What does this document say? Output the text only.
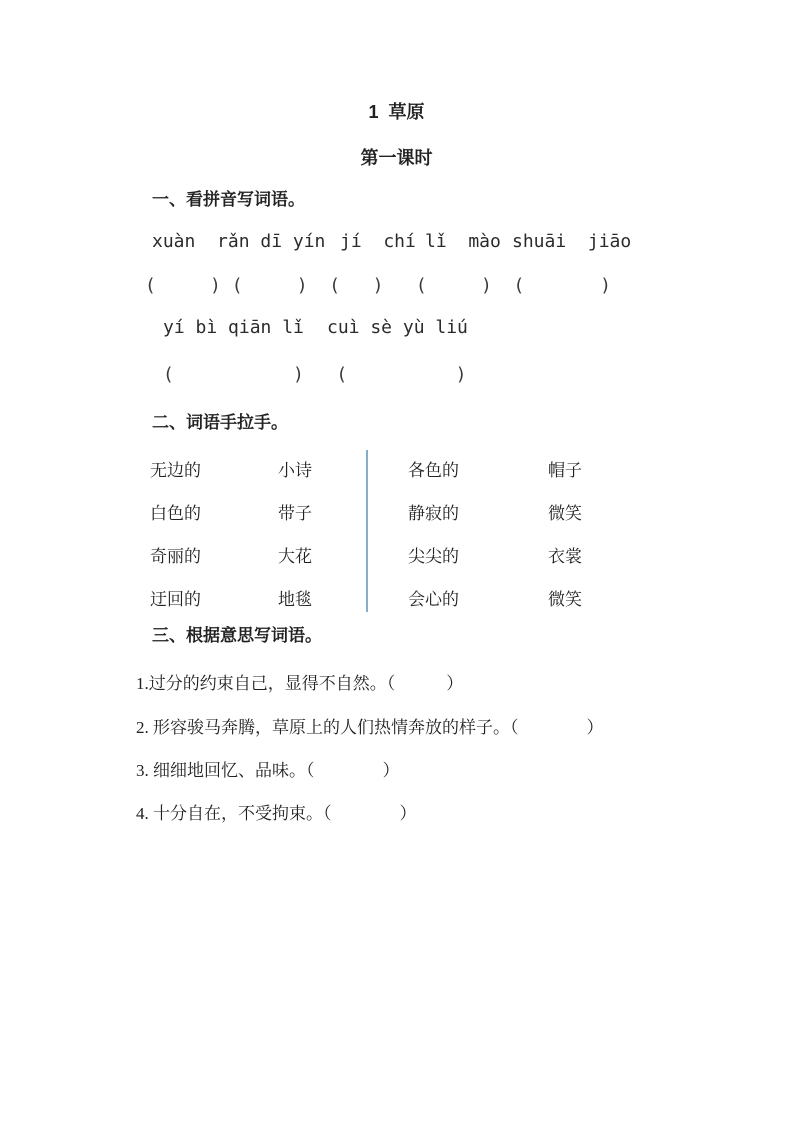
1  草原
第一课时
一、看拼音写词语。
xuàn  rǎn dī yín jí  chí lǐ  mào shuāi  jiāo
(     ) (     )  (   )   (     )  (       )
yí bì qiān lǐ cuì sè yù liú
(           )   (          )
二、词语手拉手。
无边的	小诗	各色的	帽子
白色的	带子	静寂的	微笑
奇丽的	大花	尖尖的	衣裳
迂回的	地毯	会心的	微笑
三、根据意思写词语。

1.过分的约束自己，显得不自然。（　　　）

2. 形容骏马奔腾，草原上的人们热情奔放的样子。（　　　　）

3. 细细地回忆、品味。（　　　　）

4. 十分自在，不受拘束。（　　　　）
